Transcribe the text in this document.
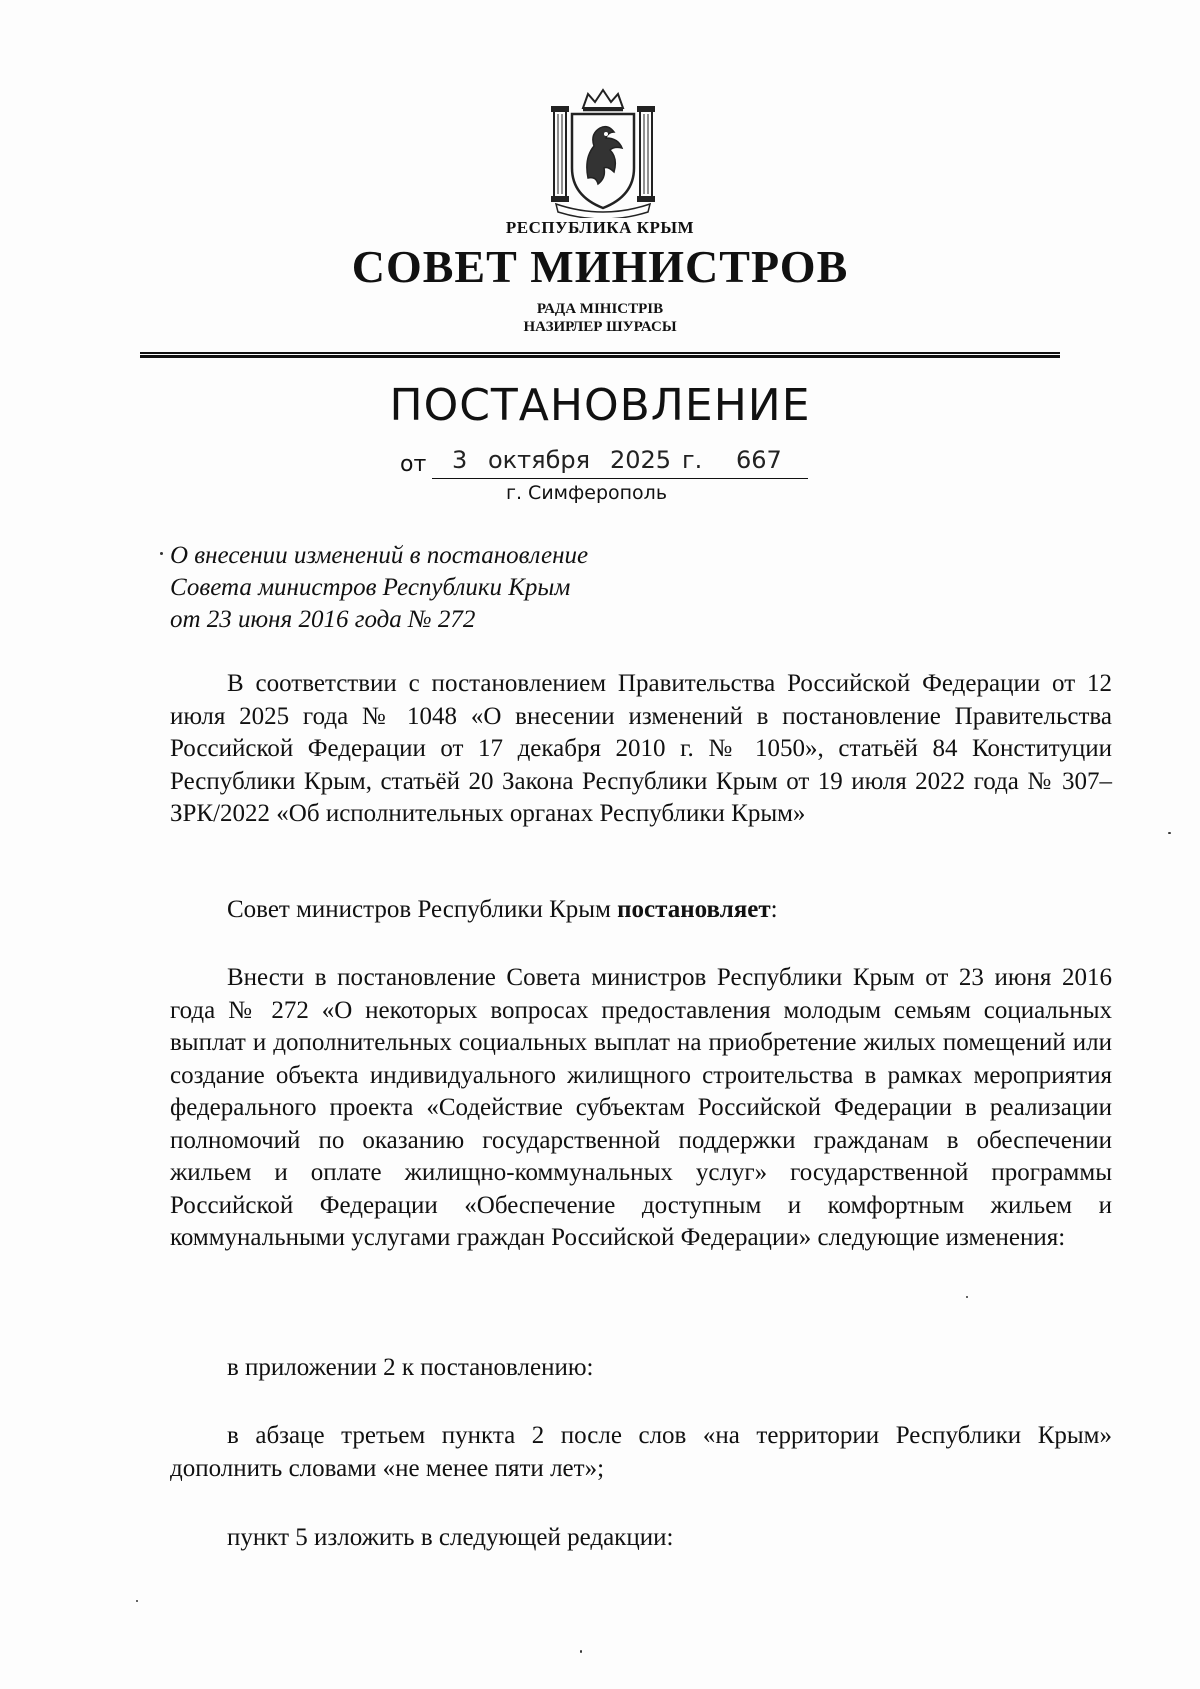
РЕСПУБЛИКА КРЫМ
СОВЕТ МИНИСТРОВ
РАДА МІНІСТРІВ
НАЗИРЛЕР ШУРАСЫ
ПОСТАНОВЛЕНИЕ
от 3 октября 2025 г. 667
г. Симферополь
О внесении изменений в постановление
Совета министров Республики Крым
от 23 июня 2016 года № 272
В соответствии с постановлением Правительства Российской Федерации от 12 июля 2025 года № 1048 «О внесении изменений в постановление Правительства Российской Федерации от 17 декабря 2010 г. № 1050», статьёй 84 Конституции Республики Крым, статьёй 20 Закона Республики Крым от 19 июля 2022 года № 307–ЗРК/2022 «Об исполнительных органах Республики Крым»
Совет министров Республики Крым постановляет:
Внести в постановление Совета министров Республики Крым от 23 июня 2016 года № 272 «О некоторых вопросах предоставления молодым семьям социальных выплат и дополнительных социальных выплат на приобретение жилых помещений или создание объекта индивидуального жилищного строительства в рамках мероприятия федерального проекта «Содействие субъектам Российской Федерации в реализации полномочий по оказанию государственной поддержки гражданам в обеспечении жильем и оплате жилищно-коммунальных услуг» государственной программы Российской Федерации «Обеспечение доступным и комфортным жильем и коммунальными услугами граждан Российской Федерации» следующие изменения:
в приложении 2 к постановлению:
в абзаце третьем пункта 2 после слов «на территории Республики Крым» дополнить словами «не менее пяти лет»;
пункт 5 изложить в следующей редакции:
